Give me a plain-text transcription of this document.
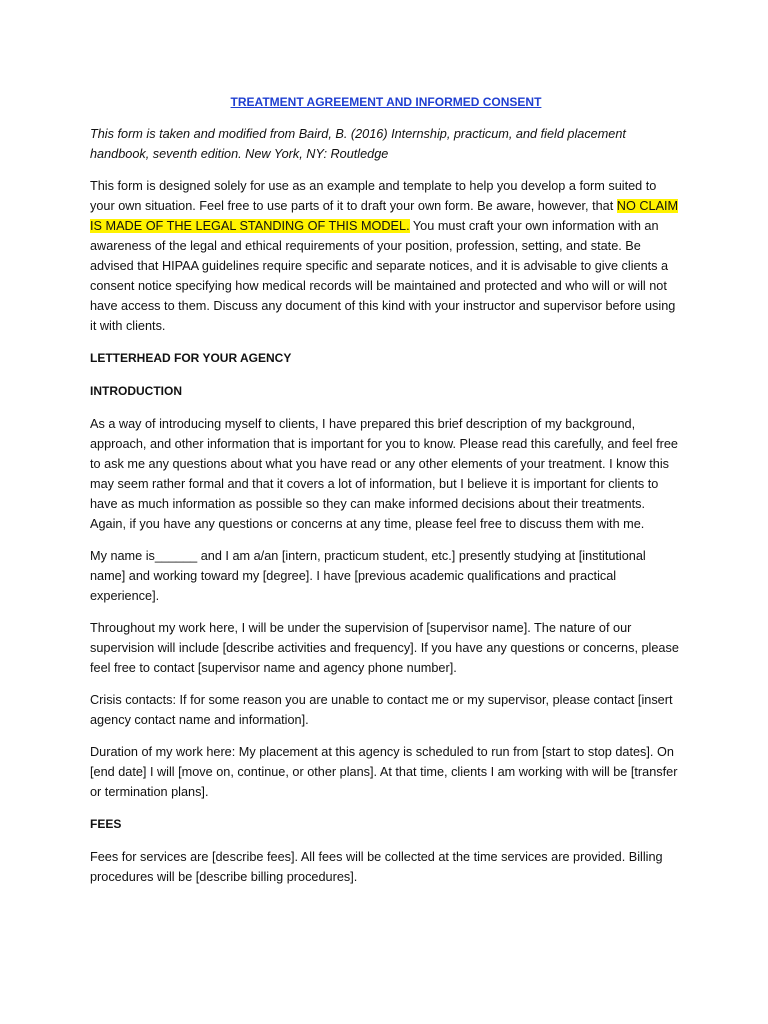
TREATMENT AGREEMENT AND INFORMED CONSENT

This form is taken and modified from Baird, B. (2016) Internship, practicum, and field placement handbook, seventh edition. New York, NY: Routledge

This form is designed solely for use as an example and template to help you develop a form suited to your own situation. Feel free to use parts of it to draft your own form. Be aware, however, that NO CLAIM IS MADE OF THE LEGAL STANDING OF THIS MODEL. You must craft your own information with an awareness of the legal and ethical requirements of your position, profession, setting, and state. Be advised that HIPAA guidelines require specific and separate notices, and it is advisable to give clients a consent notice specifying how medical records will be maintained and protected and who will or will not have access to them. Discuss any document of this kind with your instructor and supervisor before using it with clients.

LETTERHEAD FOR YOUR AGENCY
INTRODUCTION

As a way of introducing myself to clients, I have prepared this brief description of my background, approach, and other information that is important for you to know. Please read this carefully, and feel free to ask me any questions about what you have read or any other elements of your treatment. I know this may seem rather formal and that it covers a lot of information, but I believe it is important for clients to have as much information as possible so they can make informed decisions about their treatments. Again, if you have any questions or concerns at any time, please feel free to discuss them with me.

My name is______ and I am a/an [intern, practicum student, etc.] presently studying at [institutional name] and working toward my [degree]. I have [previous academic qualifications and practical experience].

Throughout my work here, I will be under the supervision of [supervisor name]. The nature of our supervision will include [describe activities and frequency]. If you have any questions or concerns, please feel free to contact [supervisor name and agency phone number].

Crisis contacts: If for some reason you are unable to contact me or my supervisor, please contact [insert agency contact name and information].

Duration of my work here: My placement at this agency is scheduled to run from [start to stop dates]. On [end date] I will [move on, continue, or other plans]. At that time, clients I am working with will be [transfer or termination plans].

FEES

Fees for services are [describe fees]. All fees will be collected at the time services are provided. Billing procedures will be [describe billing procedures].
